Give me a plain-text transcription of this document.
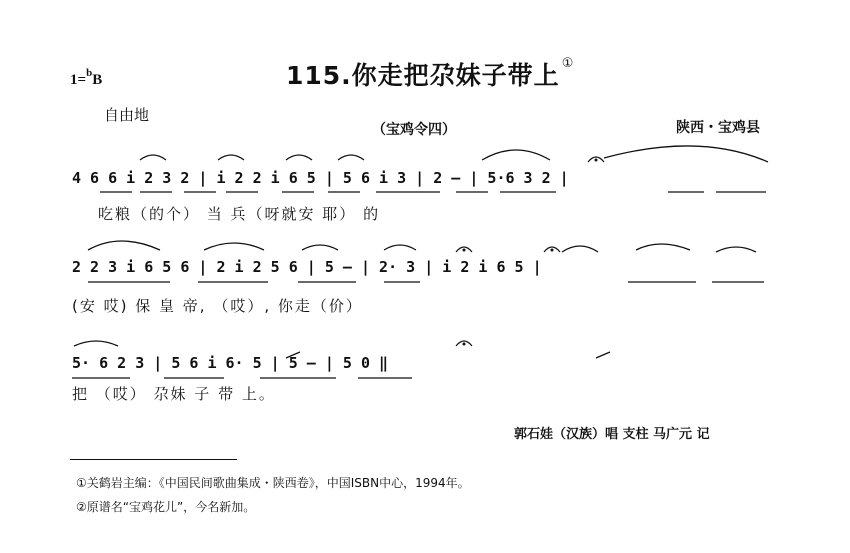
1=$^b$B	115.你走把尕妹子带上 ①
自由地
（宝鸡令四）	陕西・宝鸡县
4 6 6 i 2 3 2 | i 2 2 i 6 5 | 5 6 i 3 | 2 — | 5·6 3 2 |
吃粮（的个） 当 兵（呀就安 耶） 的
2 2 3 i 6 5 6 | 2 i 2 5 6 | 5 — | 2· 3 | i 2 i 6 5 |
(安 哎) 保 皇 帝, （哎）, 你走（价）
5· 6 2 3 | 5 6 i 6· 5 | 5 — | 5 0 ‖
把 （哎） 尕妹 子 带 上。
郭石娃（汉族）唱 支柱 马广元 记
①关鹤岩主编：《中国民间歌曲集成・陕西卷》，中国ISBN中心，1994年。
②原谱名“宝鸡花儿”，今名新加。
